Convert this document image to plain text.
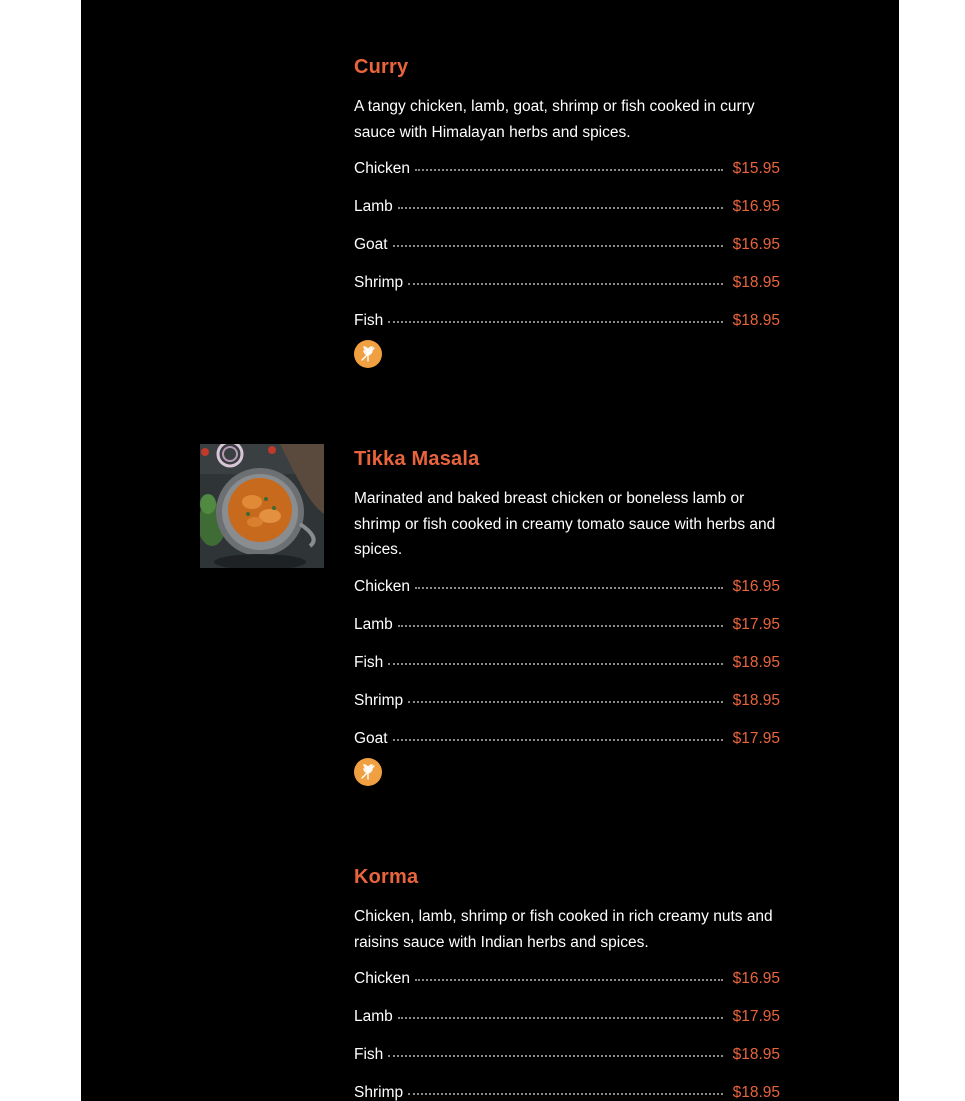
Curry

A tangy chicken, lamb, goat, shrimp or fish cooked in curry sauce with Himalayan herbs and spices.

Chicken	$15.95
Lamb	$16.95
Goat	$16.95
Shrimp	$18.95
Fish	$18.95
Tikka Masala

Marinated and baked breast chicken or boneless lamb or shrimp or fish cooked in creamy tomato sauce with herbs and spices.

Chicken	$16.95
Lamb	$17.95
Fish	$18.95
Shrimp	$18.95
Goat	$17.95
Korma

Chicken, lamb, shrimp or fish cooked in rich creamy nuts and raisins sauce with Indian herbs and spices.

Chicken	$16.95
Lamb	$17.95
Fish	$18.95
Shrimp	$18.95
